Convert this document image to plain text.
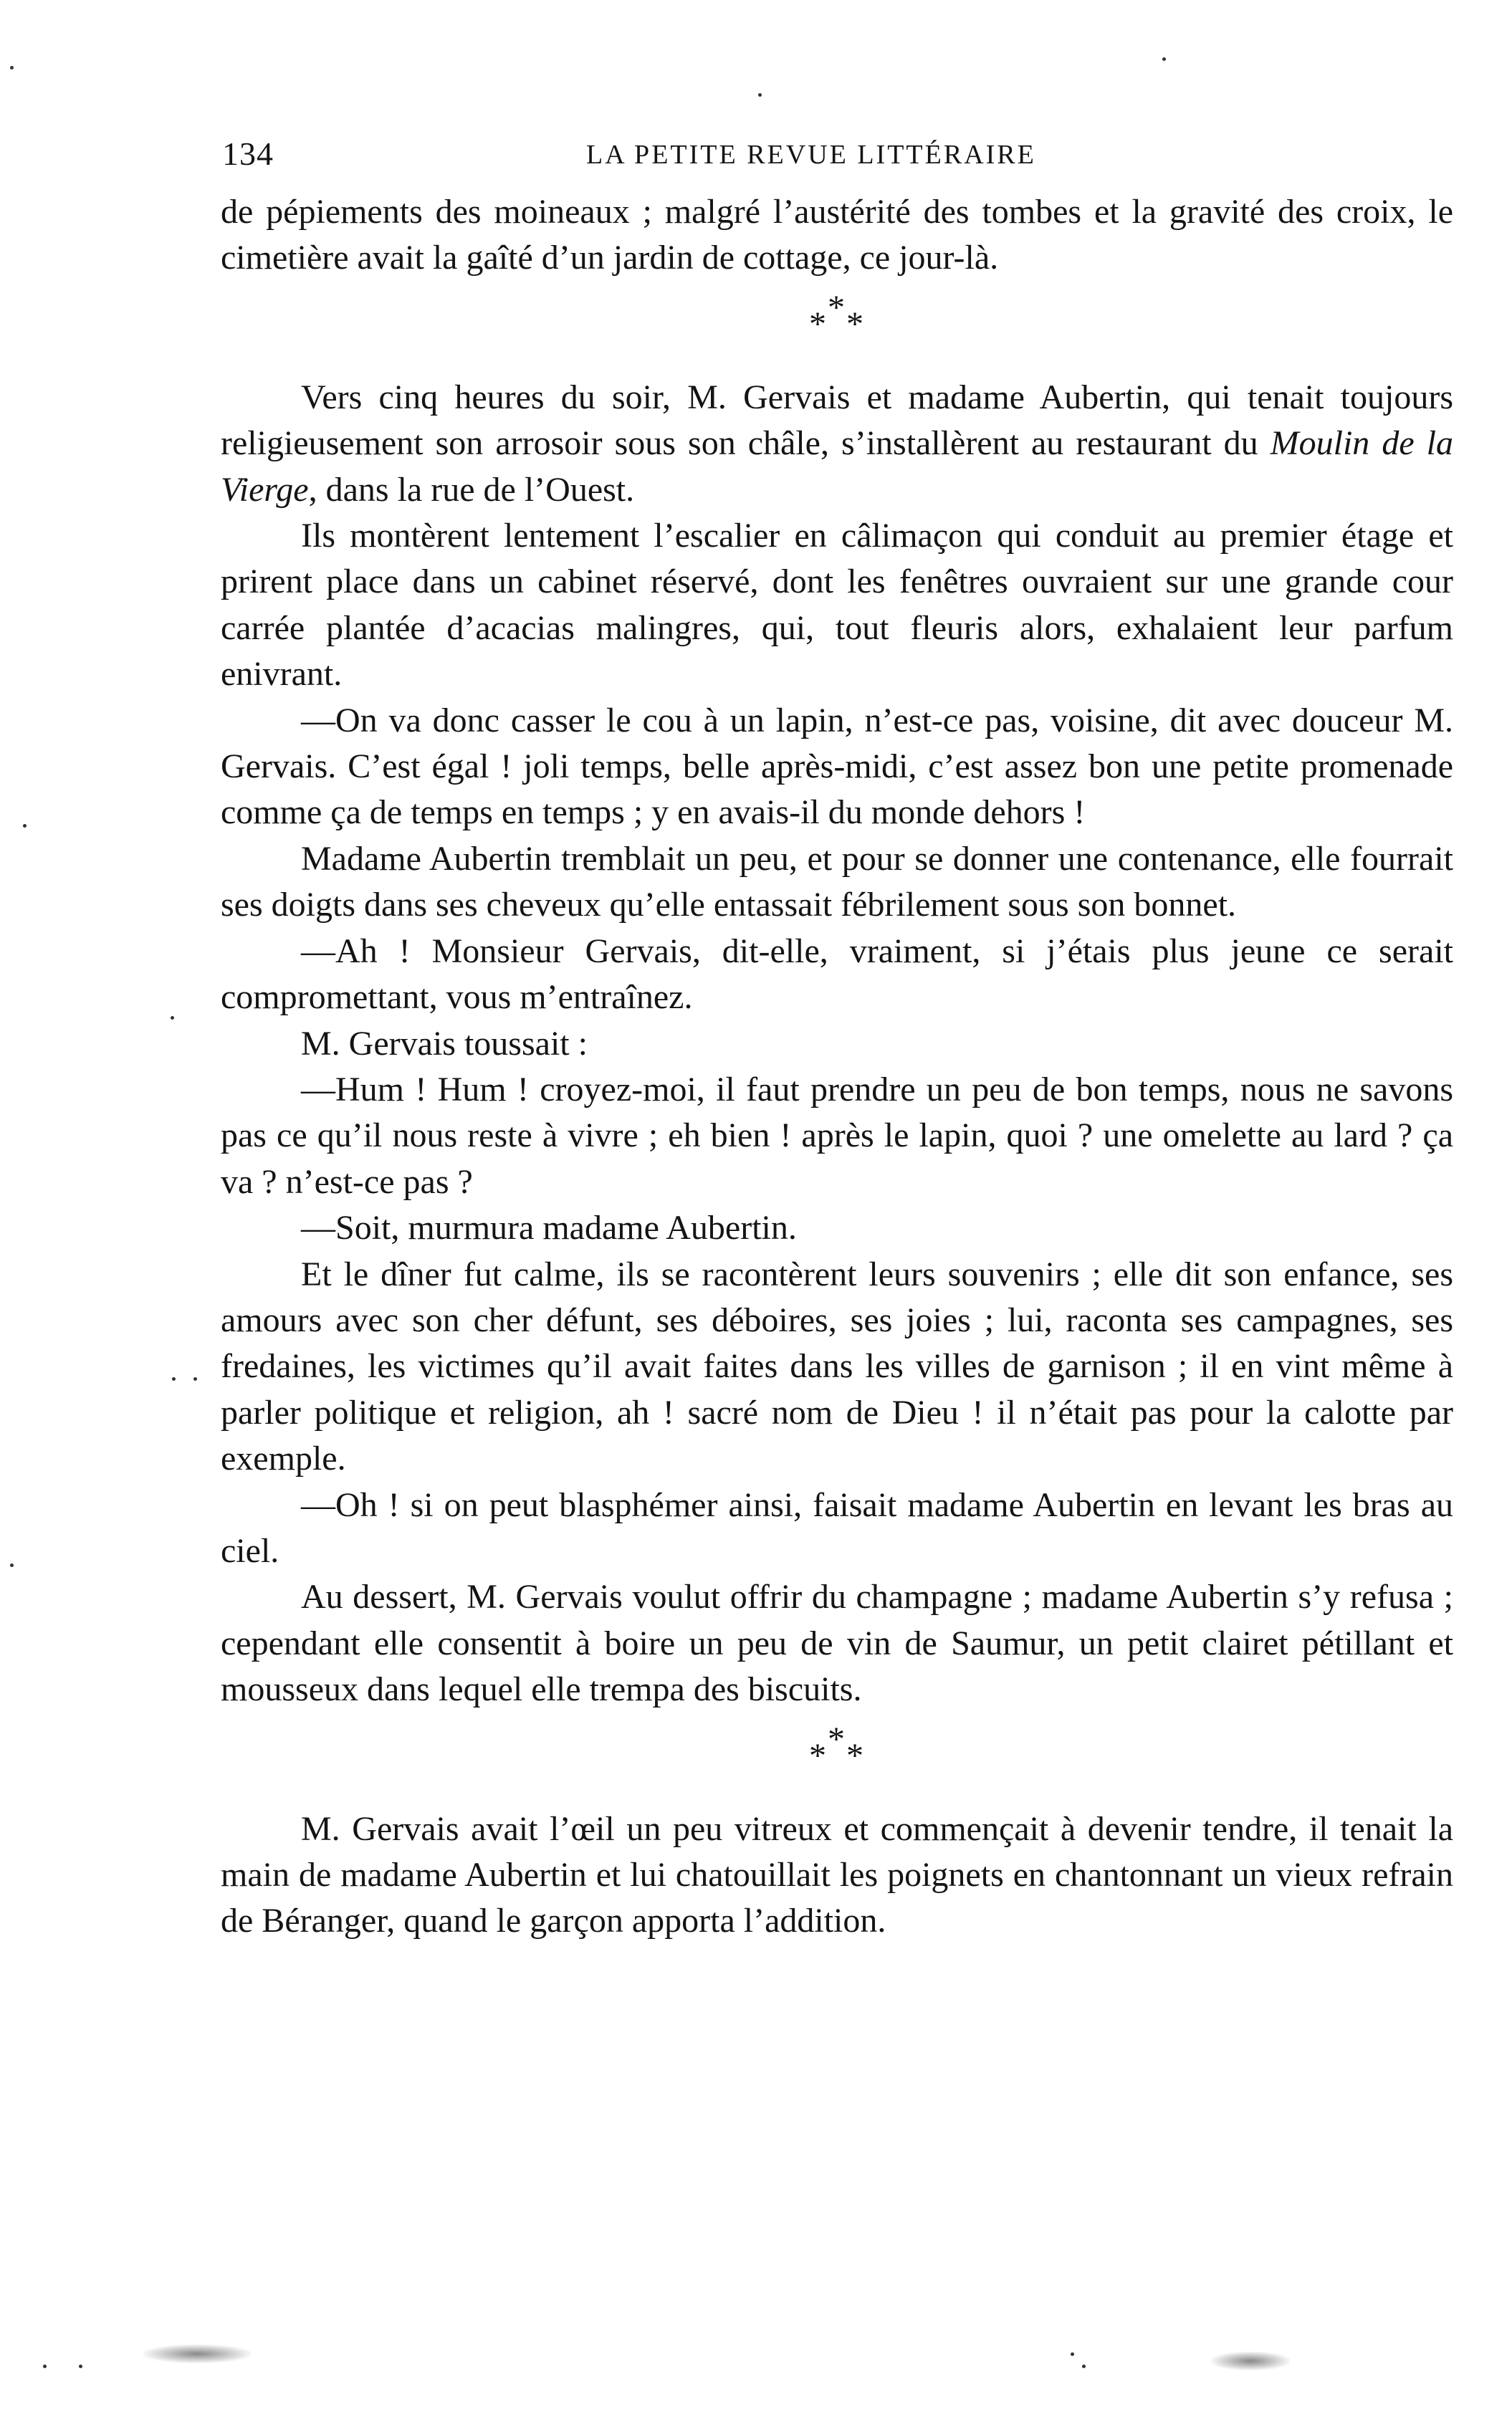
134	LA PETITE REVUE LITTÉRAIRE

de pépiements des moineaux ; malgré l’austérité des tombes et la gravité des croix, le cimetière avait la gaîté d’un jardin de cottage, ce jour-là.

***

Vers cinq heures du soir, M. Gervais et madame Aubertin, qui tenait toujours religieusement son arrosoir sous son châle, s’installèrent au restaurant du Moulin de la Vierge, dans la rue de l’Ouest.

Ils montèrent lentement l’escalier en câlimaçon qui conduit au premier étage et prirent place dans un cabinet réservé, dont les fenêtres ouvraient sur une grande cour carrée plantée d’acacias malingres, qui, tout fleuris alors, exhalaient leur parfum enivrant.

—On va donc casser le cou à un lapin, n’est-ce pas, voisine, dit avec douceur M. Gervais. C’est égal ! joli temps, belle après-midi, c’est assez bon une petite promenade comme ça de temps en temps ; y en avais-il du monde dehors !

Madame Aubertin tremblait un peu, et pour se donner une contenance, elle fourrait ses doigts dans ses cheveux qu’elle entassait fébrilement sous son bonnet.

—Ah ! Monsieur Gervais, dit-elle, vraiment, si j’étais plus jeune ce serait compromettant, vous m’entraînez.

M. Gervais toussait :

—Hum ! Hum ! croyez-moi, il faut prendre un peu de bon temps, nous ne savons pas ce qu’il nous reste à vivre ; eh bien ! après le lapin, quoi ? une omelette au lard ? ça va ? n’est-ce pas ?

—Soit, murmura madame Aubertin.

Et le dîner fut calme, ils se racontèrent leurs souvenirs ; elle dit son enfance, ses amours avec son cher défunt, ses déboires, ses joies ; lui, raconta ses campagnes, ses fredaines, les victimes qu’il avait faites dans les villes de garnison ; il en vint même à parler politique et religion, ah ! sacré nom de Dieu ! il n’était pas pour la calotte par exemple.

—Oh ! si on peut blasphémer ainsi, faisait madame Aubertin en levant les bras au ciel.

Au dessert, M. Gervais voulut offrir du champagne ; madame Aubertin s’y refusa ; cependant elle consentit à boire un peu de vin de Saumur, un petit clairet pétillant et mousseux dans lequel elle trempa des biscuits.

***

M. Gervais avait l’œil un peu vitreux et commençait à devenir tendre, il tenait la main de madame Aubertin et lui chatouillait les poignets en chantonnant un vieux refrain de Béranger, quand le garçon apporta l’addition.
